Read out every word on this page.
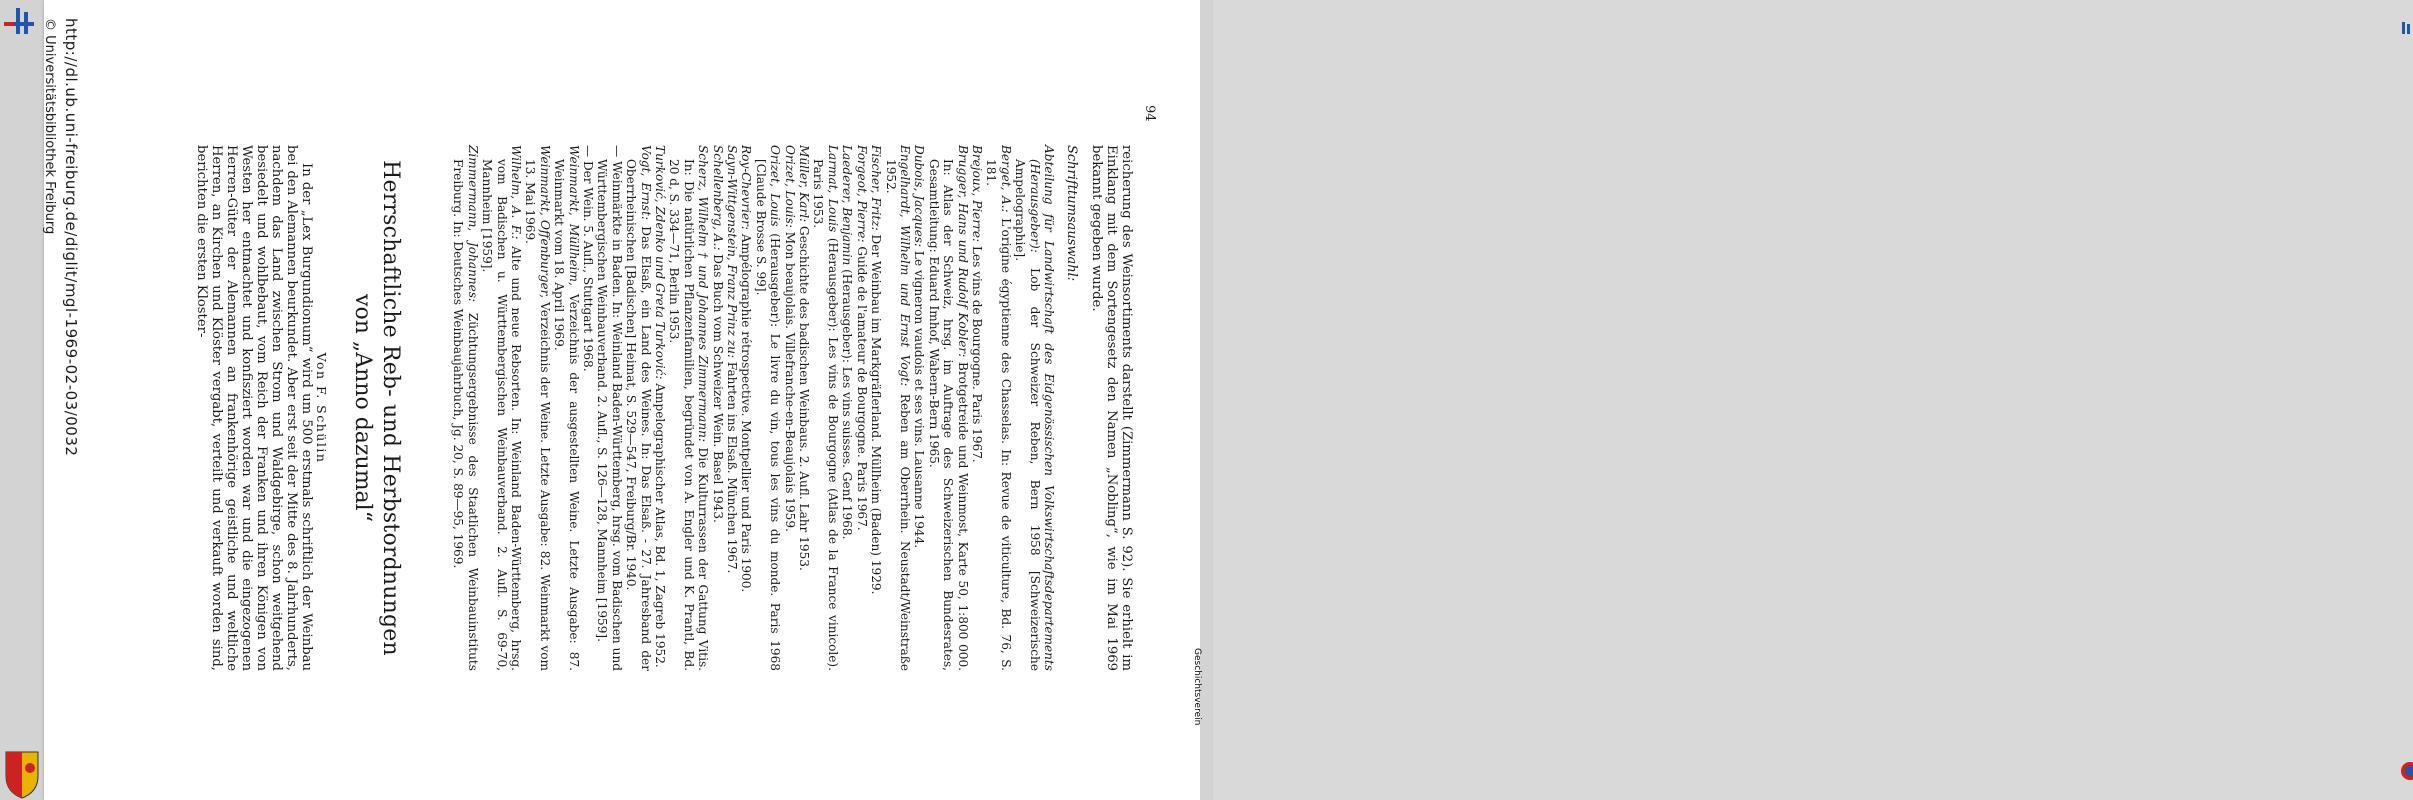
94

reicherung des Weinsortiments darstellt (Zimmermann S. 92). Sie erhielt im Einklang mit dem Sortengesetz den Namen „Nobling“, wie im Mai 1969 bekannt gegeben wurde.

Schrifttumsauswahl:
Abteilung für Landwirtschaft des Eidgenössischen Volkswirtschaftsdepartements (Herausgeber): Lob der Schweizer Reben, Bern 1958 [Schweizerische Ampelographie].
Berget, A.: L'origine égyptienne des Chasselas. In: Revue de viticulture, Bd. 76, S. 181.
Brejoux, Pierre: Les vins de Bourgogne. Paris 1967.
Brugger, Hans und Rudolf Kobler: Brotgetreide und Weinmost, Karte 50, 1:800 000. In: Atlas der Schweiz, hrsg. im Auftrage des Schweizerischen Bundesrates, Gesamtleitung: Eduard Imhof, Wabern-Bern 1965.
Dubois, Jacques: Le vigneron vaudois et ses vins. Lausanne 1944.
Engelhardt, Wilhelm und Ernst Vogt: Reben am Oberrhein. Neustadt/Weinstraße 1952.
Fischer, Fritz: Der Weinbau im Markgräflerland. Müllheim (Baden) 1929.
Forgeot, Pierre: Guide de l'amateur de Bourgogne. Paris 1967.
Laederer, Benjamin (Herausgeber): Les vins suisses. Genf 1968.
Larmat, Louis (Herausgeber): Les vins de Bourgogne (Atlas de la France vinicole). Paris 1953.
Müller, Karl: Geschichte des badischen Weinbaus. 2. Aufl. Lahr 1953.
Orizet, Louis: Mon beaujolais. Villefranche-en-Beaujolais 1959.
Orizet, Louis (Herausgeber): Le livre du vin, tous les vins du monde. Paris 1968 [Claude Brosse S. 99].
Roy-Chevrier: Ampélographie rétrospective. Montpellier und Paris 1900.
Sayn-Wittgenstein, Franz Prinz zu: Fahrten ins Elsaß. München 1967.
Schellenberg, A.: Das Buch vom Schweizer Wein. Basel 1943.
Scherz, Wilhelm † und Johannes Zimmermann: Die Kulturrassen der Gattung Vitis. In: Die natürlichen Pflanzenfamilien, begründet von A. Engler und K. Prantl, Bd. 20 d, S. 334—71, Berlin 1953.
Turković, Zdenko und Greta Turković: Ampelographischer Atlas, Bd. 1, Zagreb 1952.
Vogt, Ernst: Das Elsaß, ein Land des Weines. In: Das Elsaß. - 27. Jahresband der Oberrheinischen [Badischen] Heimat, S. 529—547, Freiburg/Br. 1940.
— Weinmärkte in Baden. In: Weinland Baden-Württemberg, hrsg. vom Badischen und Württembergischen Weinbauverband. 2. Aufl., S. 126—128, Mannheim [1959].
— Der Wein. 5. Aufl., Stuttgart 1968.
Weinmarkt, Müllheim, Verzeichnis der ausgestellten Weine. Letzte Ausgabe: 87. Weinmarkt vom 18. April 1969.
Weinmarkt, Offenburger, Verzeichnis der Weine. Letzte Ausgabe: 82. Weinmarkt vom 13. Mai 1969.
Wilhelm, A. F.: Alte und neue Rebsorten. In: Weinland Baden-Württemberg, hrsg. vom Badischen u. Württembergischen Weinbauverband. 2. Aufl. S. 69-70, Mannheim [1959].
Zimmermann, Johannes: Züchtungsergebnisse des Staatlichen Weinbauinstituts Freiburg. In: Deutsches Weinbaujahrbuch, Jg. 20, S. 89—95, 1969.
Herrschaftliche Reb- und Herbstordnungen
von „Anno dazumal“
Von F. Schülin

In der „Lex Burgundionum“ wird um 500 erstmals schriftlich der Weinbau bei den Alemannen beurkundet. Aber erst seit der Mitte des 8. Jahrhunderts, nachdem das Land zwischen Strom und Waldgebirge, schon weitgehend besiedelt und wohlbebaut, vom Reich der Franken und ihren Königen von Westen her entmachtet und konfisziert worden war und die eingezogenen Herren-Güter der Alemannen an frankenhörige geistliche und weltliche Herren, an Kirchen und Klöster vergabt, verteilt und verkauft worden sind, berichten die ersten Kloster-

http://dl.ub.uni-freiburg.de/diglit/mgl-1969-02-03/0032
© Universitätsbibliothek Freiburg
Geschichtsverein
